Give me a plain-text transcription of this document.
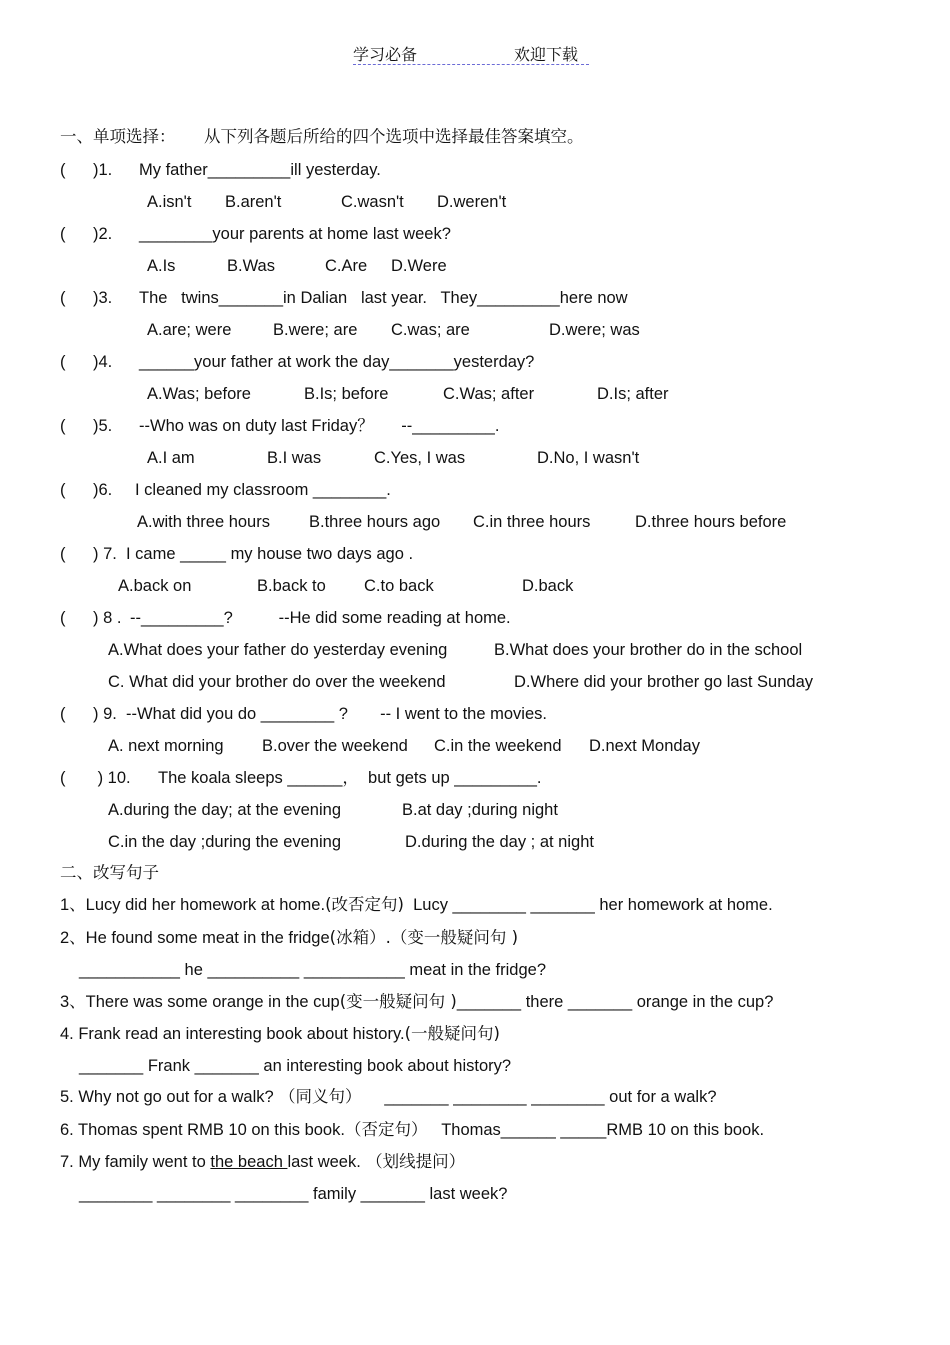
学习必备	欢迎下载
一、单项选择： 从下列各题后所给的四个选项中选择最佳答案填空。
(      )1. My father_________ill yesterday.
A.isn't B.aren't	C.wasn't D.weren't
(      )2. ________your parents at home last week?
A.Is	B.Was	C.Are D.Were
(      )3. The   twins_______in Dalian   last year.   They_________here now
A.are; were	B.were; are C.was; are	D.were; was
(      )4. ______your father at work the day_______yesterday?
A.Was; before	B.Is; before	C.Was; after	D.Is; after
(      )5. --Who was on duty last Friday？      --_________.
A.I am	B.I was	C.Yes, I was	D.No, I wasn't
(      )6. I cleaned my classroom ________.
A.with three hours B.three hours ago C.in three hours	D.three hours before
(      ) 7. I came _____ my house two days ago .
A.back on	B.back to C.to back	D.back
(      ) 8 . --_________?          --He did some reading at home.
A.What does your father do yesterday evening	B.What does your brother do in the school
C. What did your brother do over the weekend	D.Where did your brother go last Sunday
(      ) 9. --What did you do ________ ?       -- I went to the movies.
A. next morning B.over the weekend C.in the weekend D.next Monday
(       ) 10. The koala sleeps ______，  but gets up _________.
A.during the day; at the evening	B.at day ;during night
C.in the day ;during the evening	D.during the day ; at night
二、改写句子
1、Lucy did her homework at home.(改否定句)  Lucy ________ _______ her homework at home.
2、He found some meat in the fridge(冰箱）.（变一般疑问句 )
___________ he __________ ___________ meat in the fridge?
3、There was some orange in the cup(变一般疑问句 )_______ there _______ orange in the cup?
4. Frank read an interesting book about history.(一般疑问句)
_______ Frank _______ an interesting book about history?
5. Why not go out for a walk? （同义句）     _______ ________ ________ out for a walk?
6. Thomas spent RMB 10 on this book.（否定句）   Thomas______ _____RMB 10 on this book.
7. My family went to the beach last week. （划线提问）
________ ________ ________ family _______ last week?
